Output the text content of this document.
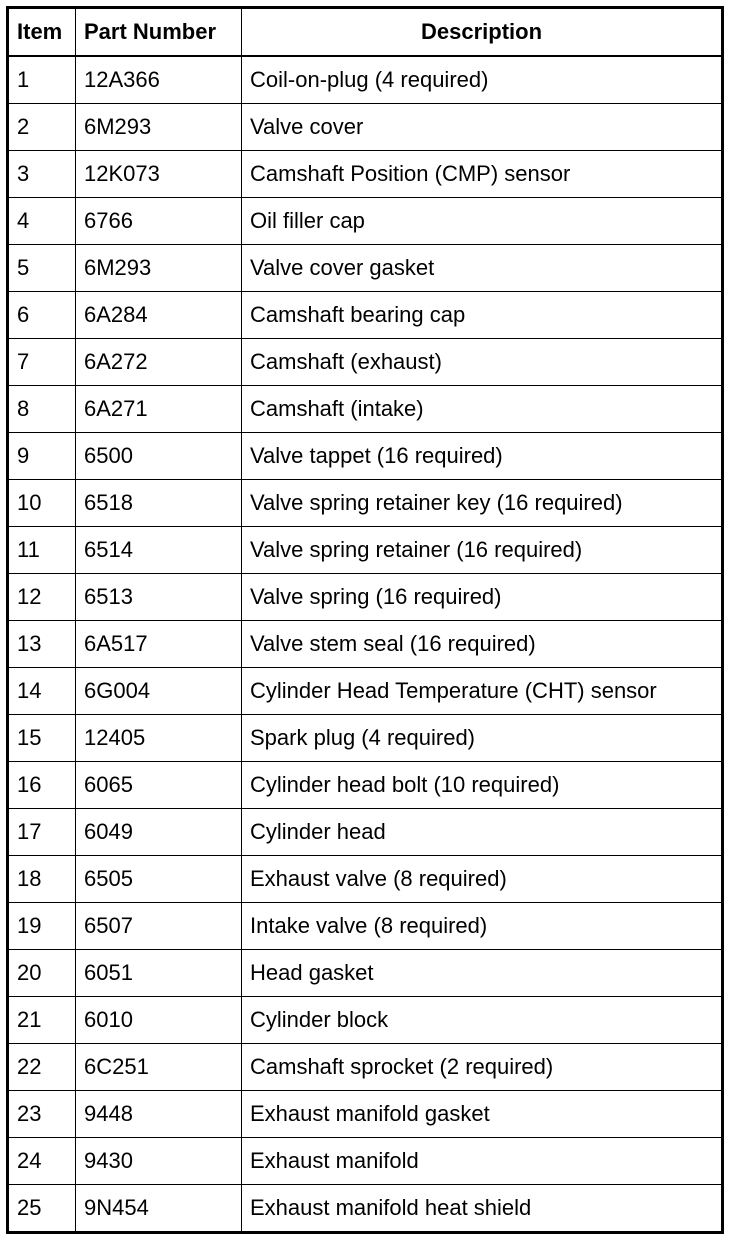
Item	Part Number	Description
1	12A366	Coil-on-plug (4 required)
2	6M293	Valve cover
3	12K073	Camshaft Position (CMP) sensor
4	6766	Oil filler cap
5	6M293	Valve cover gasket
6	6A284	Camshaft bearing cap
7	6A272	Camshaft (exhaust)
8	6A271	Camshaft (intake)
9	6500	Valve tappet (16 required)
10	6518	Valve spring retainer key (16 required)
11	6514	Valve spring retainer (16 required)
12	6513	Valve spring (16 required)
13	6A517	Valve stem seal (16 required)
14	6G004	Cylinder Head Temperature (CHT) sensor
15	12405	Spark plug (4 required)
16	6065	Cylinder head bolt (10 required)
17	6049	Cylinder head
18	6505	Exhaust valve (8 required)
19	6507	Intake valve (8 required)
20	6051	Head gasket
21	6010	Cylinder block
22	6C251	Camshaft sprocket (2 required)
23	9448	Exhaust manifold gasket
24	9430	Exhaust manifold
25	9N454	Exhaust manifold heat shield
